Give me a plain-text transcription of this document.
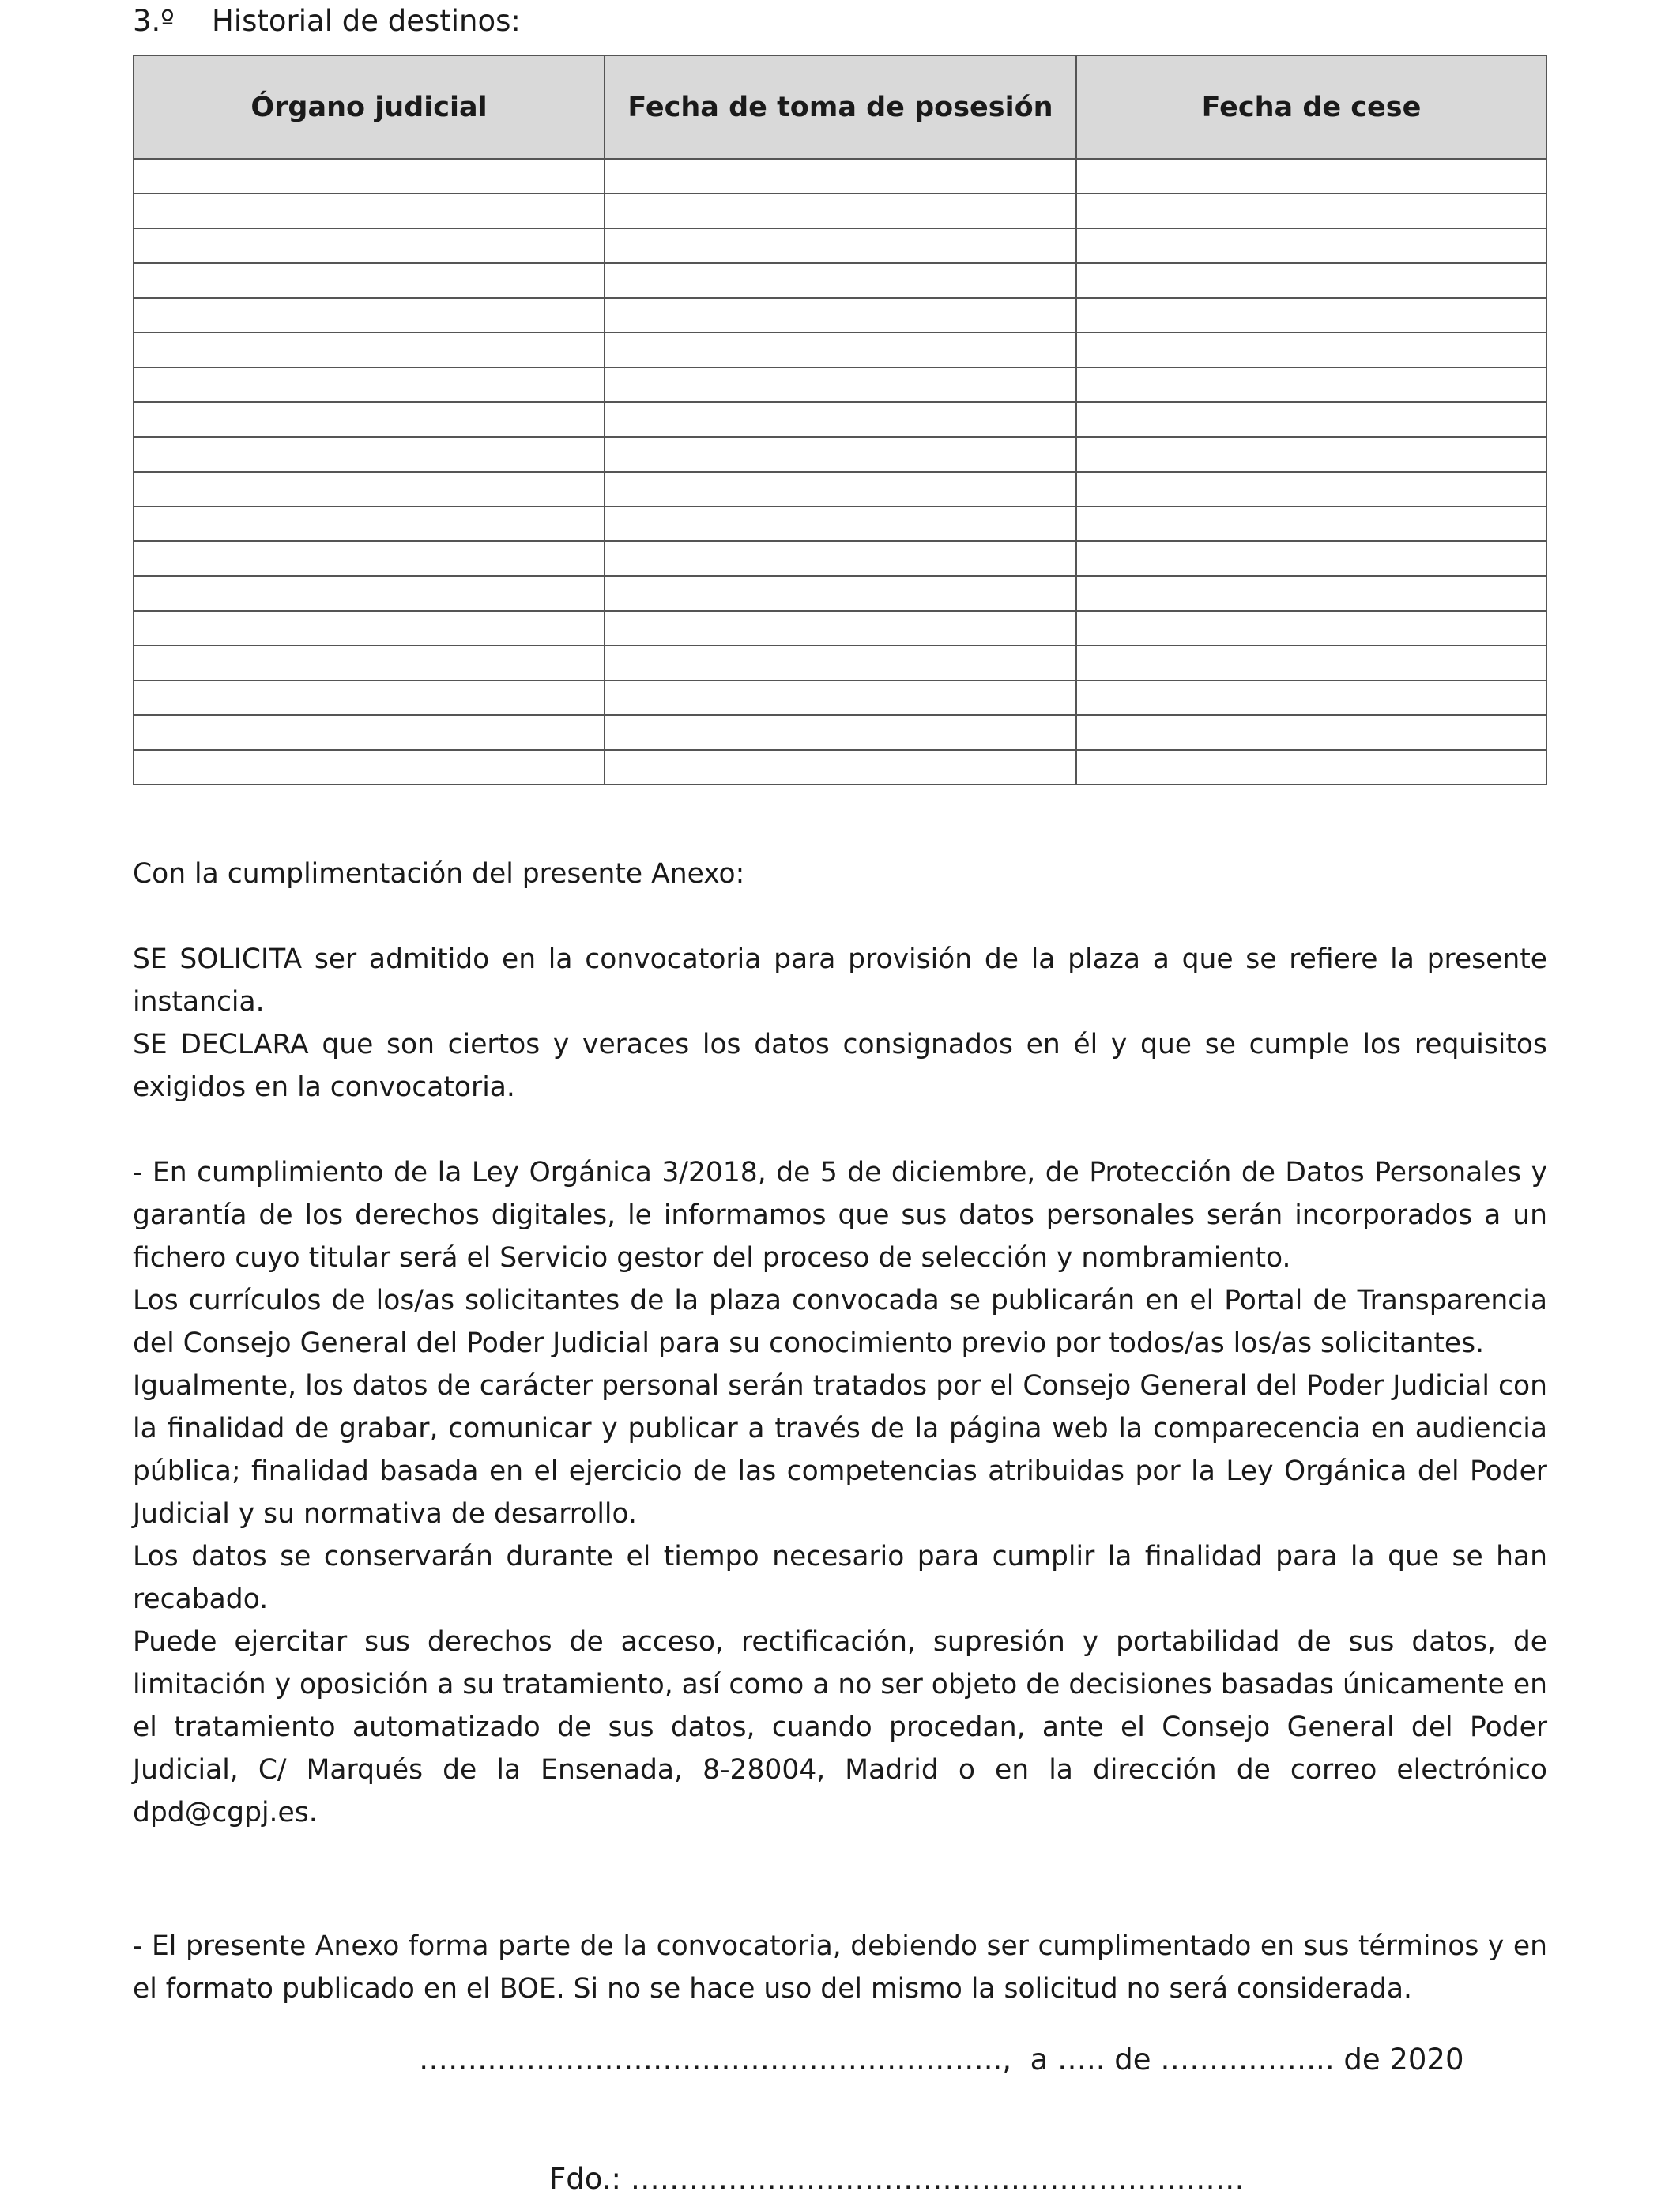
3.º Historial de destinos:
Órgano judicial	Fecha de toma de posesión	Fecha de cese

Con la cumplimentación del presente Anexo:

SE SOLICITA ser admitido en la convocatoria para provisión de la plaza a que se refiere la presente instancia.

SE DECLARA que son ciertos y veraces los datos consignados en él y que se cumple los requisitos exigidos en la convocatoria.

- En cumplimiento de la Ley Orgánica 3/2018, de 5 de diciembre, de Protección de Datos Personales y garantía de los derechos digitales, le informamos que sus datos personales serán incorporados a un fichero cuyo titular será el Servicio gestor del proceso de selección y nombramiento.

Los currículos de los/as solicitantes de la plaza convocada se publicarán en el Portal de Transparencia del Consejo General del Poder Judicial para su conocimiento previo por todos/as los/as solicitantes.

Igualmente, los datos de carácter personal serán tratados por el Consejo General del Poder Judicial con la finalidad de grabar, comunicar y publicar a través de la página web la comparecencia en audiencia pública; finalidad basada en el ejercicio de las competencias atribuidas por la Ley Orgánica del Poder Judicial y su normativa de desarrollo.

Los datos se conservarán durante el tiempo necesario para cumplir la finalidad para la que se han recabado.

Puede ejercitar sus derechos de acceso, rectificación, supresión y portabilidad de sus datos, de limitación y oposición a su tratamiento, así como a no ser objeto de decisiones basadas únicamente en el tratamiento automatizado de sus datos, cuando procedan, ante el Consejo General del Poder Judicial, C/ Marqués de la Ensenada, 8-28004, Madrid o en la dirección de correo electrónico dpd@cgpj.es.

- El presente Anexo forma parte de la convocatoria, debiendo ser cumplimentado en sus términos y en el formato publicado en el BOE. Si no se hace uso del mismo la solicitud no será considerada.

…………………………………………….……..,  a ….. de ……………... de 2020
Fdo.: ………………………………………………………
